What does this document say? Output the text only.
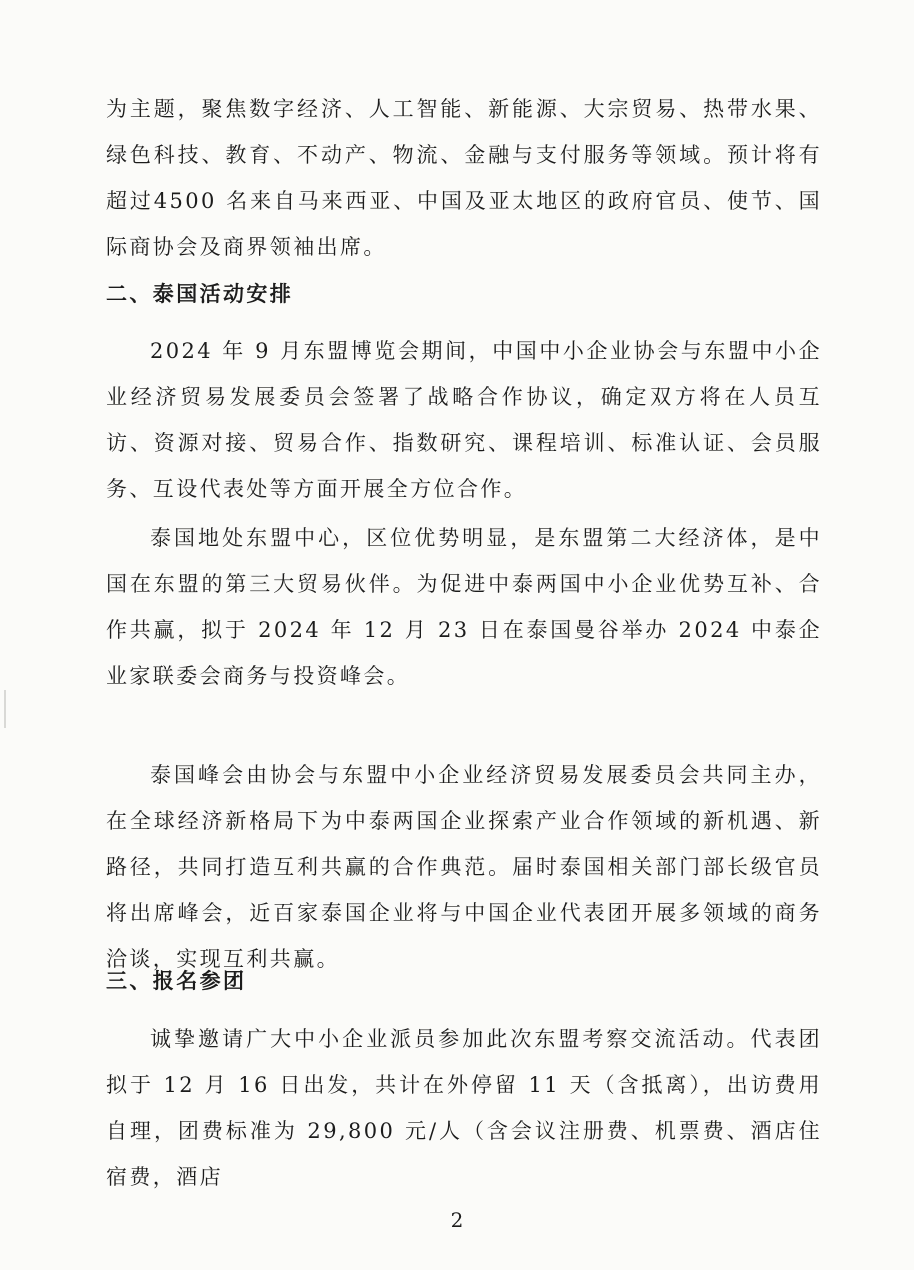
为主题，聚焦数字经济、人工智能、新能源、大宗贸易、热带水果、绿色科技、教育、不动产、物流、金融与支付服务等领域。预计将有超过4500 名来自马来西亚、中国及亚太地区的政府官员、使节、国际商协会及商界领袖出席。

二、泰国活动安排

2024 年 9 月东盟博览会期间，中国中小企业协会与东盟中小企业经济贸易发展委员会签署了战略合作协议，确定双方将在人员互访、资源对接、贸易合作、指数研究、课程培训、标准认证、会员服务、互设代表处等方面开展全方位合作。

泰国地处东盟中心，区位优势明显，是东盟第二大经济体，是中国在东盟的第三大贸易伙伴。为促进中泰两国中小企业优势互补、合作共赢，拟于 2024 年 12 月 23 日在泰国曼谷举办 2024 中泰企业家联委会商务与投资峰会。

泰国峰会由协会与东盟中小企业经济贸易发展委员会共同主办，在全球经济新格局下为中泰两国企业探索产业合作领域的新机遇、新路径，共同打造互利共赢的合作典范。届时泰国相关部门部长级官员将出席峰会，近百家泰国企业将与中国企业代表团开展多领域的商务洽谈，实现互利共赢。

三、报名参团

诚挚邀请广大中小企业派员参加此次东盟考察交流活动。代表团拟于 12 月 16 日出发，共计在外停留 11 天（含抵离），出访费用自理，团费标准为 29,800 元/人（含会议注册费、机票费、酒店住宿费，酒店

2
